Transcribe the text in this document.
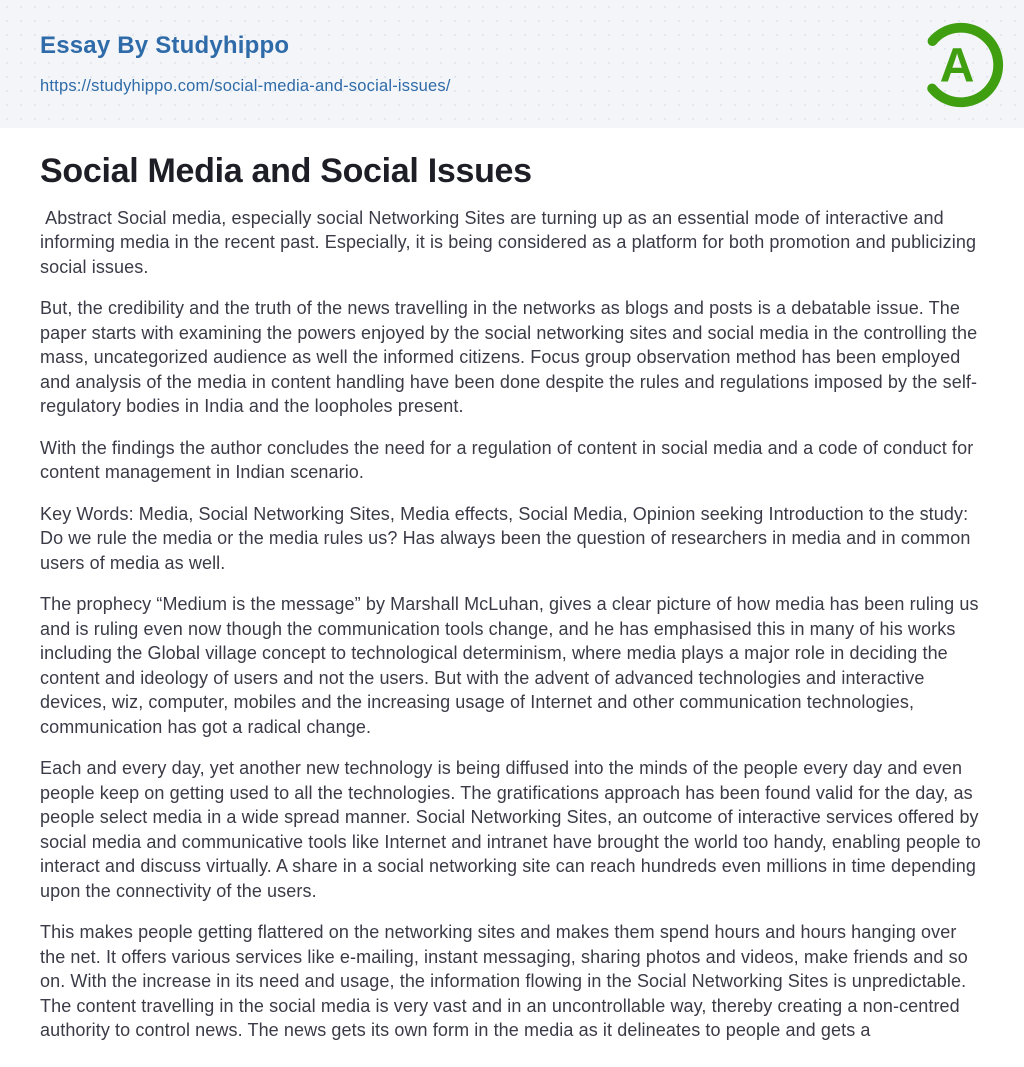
Essay By Studyhippo
https://studyhippo.com/social-media-and-social-issues/	A
Social Media and Social Issues

Abstract Social media, especially social Networking Sites are turning up as an essential mode of interactive and informing media in the recent past. Especially, it is being considered as a platform for both promotion and publicizing social issues.

But, the credibility and the truth of the news travelling in the networks as blogs and posts is a debatable issue. The paper starts with examining the powers enjoyed by the social networking sites and social media in the controlling the mass, uncategorized audience as well the informed citizens. Focus group observation method has been employed and analysis of the media in content handling have been done despite the rules and regulations imposed by the self-regulatory bodies in India and the loopholes present.

With the findings the author concludes the need for a regulation of content in social media and a code of conduct for content management in Indian scenario.

Key Words: Media, Social Networking Sites, Media effects, Social Media, Opinion seeking Introduction to the study: Do we rule the media or the media rules us? Has always been the question of researchers in media and in common users of media as well.

The prophecy “Medium is the message” by Marshall McLuhan, gives a clear picture of how media has been ruling us and is ruling even now though the communication tools change, and he has emphasised this in many of his works including the Global village concept to technological determinism, where media plays a major role in deciding the content and ideology of users and not the users. But with the advent of advanced technologies and interactive devices, wiz, computer, mobiles and the increasing usage of Internet and other communication technologies, communication has got a radical change.

Each and every day, yet another new technology is being diffused into the minds of the people every day and even people keep on getting used to all the technologies. The gratifications approach has been found valid for the day, as people select media in a wide spread manner. Social Networking Sites, an outcome of interactive services offered by social media and communicative tools like Internet and intranet have brought the world too handy, enabling people to interact and discuss virtually. A share in a social networking site can reach hundreds even millions in time depending upon the connectivity of the users.

This makes people getting flattered on the networking sites and makes them spend hours and hours hanging over the net. It offers various services like e-mailing, instant messaging, sharing photos and videos, make friends and so on. With the increase in its need and usage, the information flowing in the Social Networking Sites is unpredictable. The content travelling in the social media is very vast and in an uncontrollable way, thereby creating a non-centred authority to control news. The news gets its own form in the media as it delineates to people and gets a
